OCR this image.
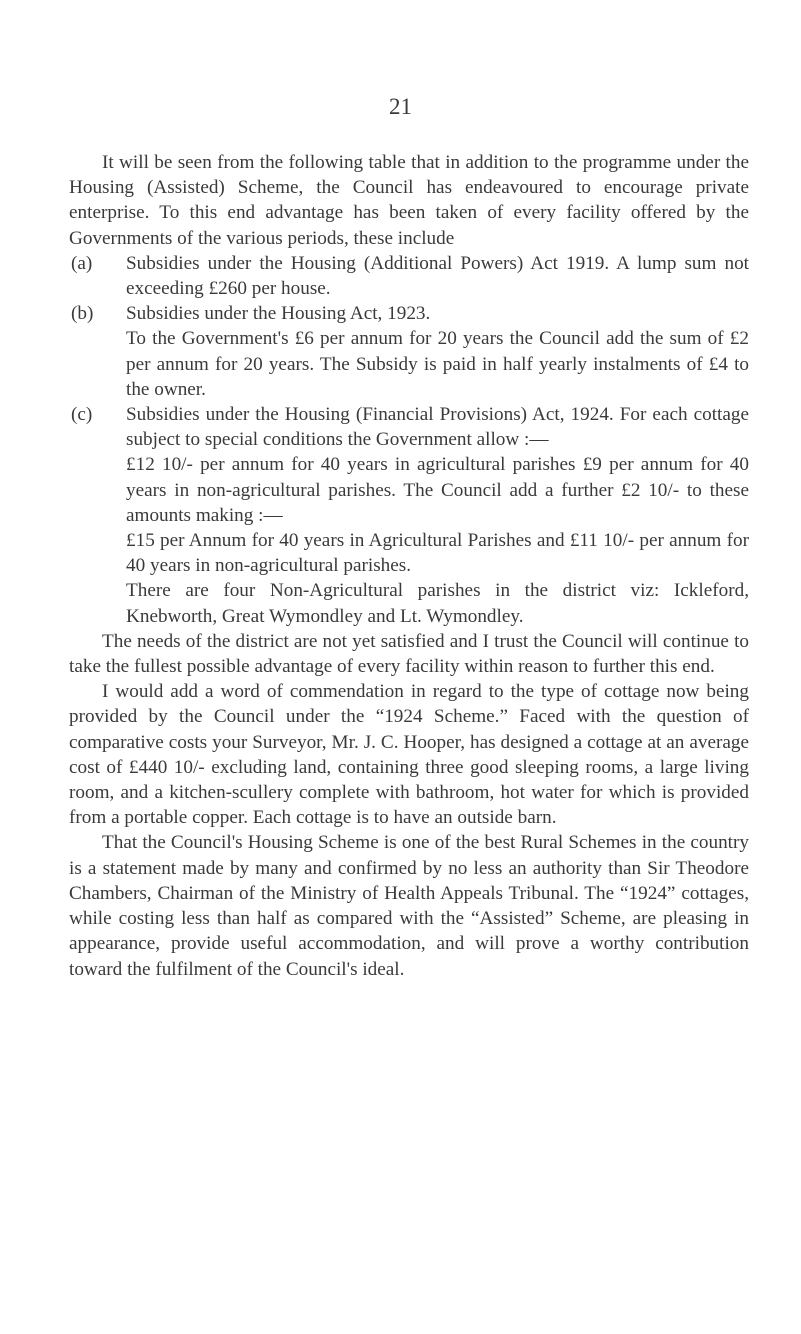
21

It will be seen from the following table that in addition to the programme under the Housing (Assisted) Scheme, the Council has endeavoured to encourage private enterprise. To this end advantage has been taken of every facility offered by the Governments of the various periods, these include

(a) Subsidies under the Housing (Additional Powers) Act 1919. A lump sum not exceeding £260 per house.

(b) Subsidies under the Housing Act, 1923.

To the Government's £6 per annum for 20 years the Council add the sum of £2 per annum for 20 years. The Subsidy is paid in half yearly instalments of £4 to the owner.

(c) Subsidies under the Housing (Financial Provisions) Act, 1924. For each cottage subject to special conditions the Government allow :—

£12 10/- per annum for 40 years in agricultural parishes £9 per annum for 40 years in non-agricultural parishes. The Council add a further £2 10/- to these amounts making :—

£15 per Annum for 40 years in Agricultural Parishes and £11 10/- per annum for 40 years in non-agricultural parishes.

There are four Non-Agricultural parishes in the district viz: Ickleford, Knebworth, Great Wymondley and Lt. Wymondley.

The needs of the district are not yet satisfied and I trust the Council will continue to take the fullest possible advantage of every facility within reason to further this end.

I would add a word of commendation in regard to the type of cottage now being provided by the Council under the “1924 Scheme.” Faced with the question of comparative costs your Surveyor, Mr. J. C. Hooper, has designed a cottage at an average cost of £440 10/- excluding land, containing three good sleeping rooms, a large living room, and a kitchen-scullery complete with bathroom, hot water for which is provided from a portable copper. Each cottage is to have an outside barn.

That the Council's Housing Scheme is one of the best Rural Schemes in the country is a statement made by many and confirmed by no less an authority than Sir Theodore Chambers, Chairman of the Ministry of Health Appeals Tribunal. The “1924” cottages, while costing less than half as compared with the “Assisted” Scheme, are pleasing in appearance, provide useful accommodation, and will prove a worthy contribution toward the fulfilment of the Council's ideal.
